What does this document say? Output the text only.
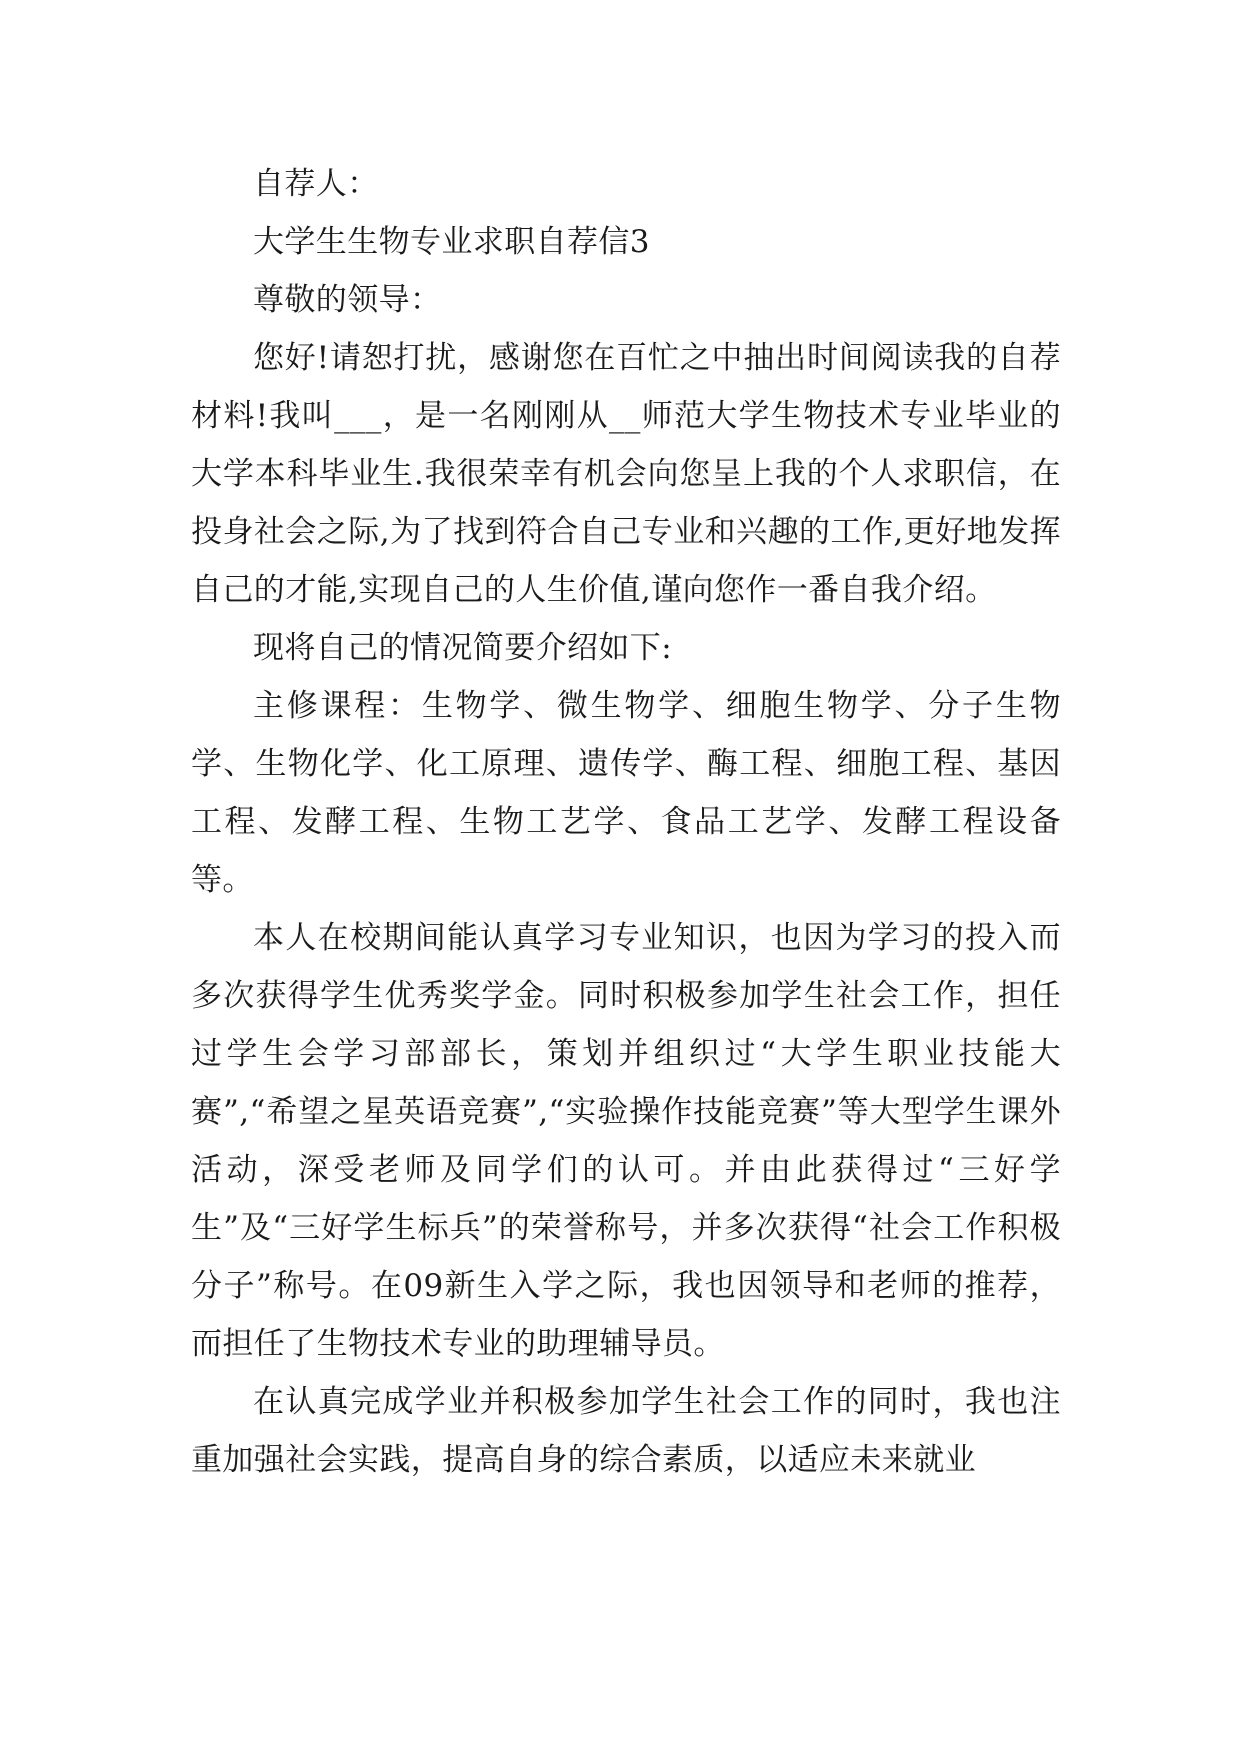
自荐人：

大学生生物专业求职自荐信3

尊敬的领导：

您好!请恕打扰，感谢您在百忙之中抽出时间阅读我的自荐材料!我叫___，是一名刚刚从__师范大学生物技术专业毕业的大学本科毕业生.我很荣幸有机会向您呈上我的个人求职信，在投身社会之际,为了找到符合自己专业和兴趣的工作,更好地发挥自己的才能,实现自己的人生价值,谨向您作一番自我介绍。

现将自己的情况简要介绍如下:

主修课程：生物学、微生物学、细胞生物学、分子生物学、生物化学、化工原理、遗传学、酶工程、细胞工程、基因工程、发酵工程、生物工艺学、食品工艺学、发酵工程设备等。

本人在校期间能认真学习专业知识，也因为学习的投入而多次获得学生优秀奖学金。同时积极参加学生社会工作，担任过学生会学习部部长，策划并组织过“大学生职业技能大赛”,“希望之星英语竞赛”,“实验操作技能竞赛”等大型学生课外活动，深受老师及同学们的认可。并由此获得过“三好学生”及“三好学生标兵”的荣誉称号，并多次获得“社会工作积极分子”称号。在09新生入学之际，我也因领导和老师的推荐，而担任了生物技术专业的助理辅导员。

在认真完成学业并积极参加学生社会工作的同时，我也注重加强社会实践，提高自身的综合素质，以适应未来就业
